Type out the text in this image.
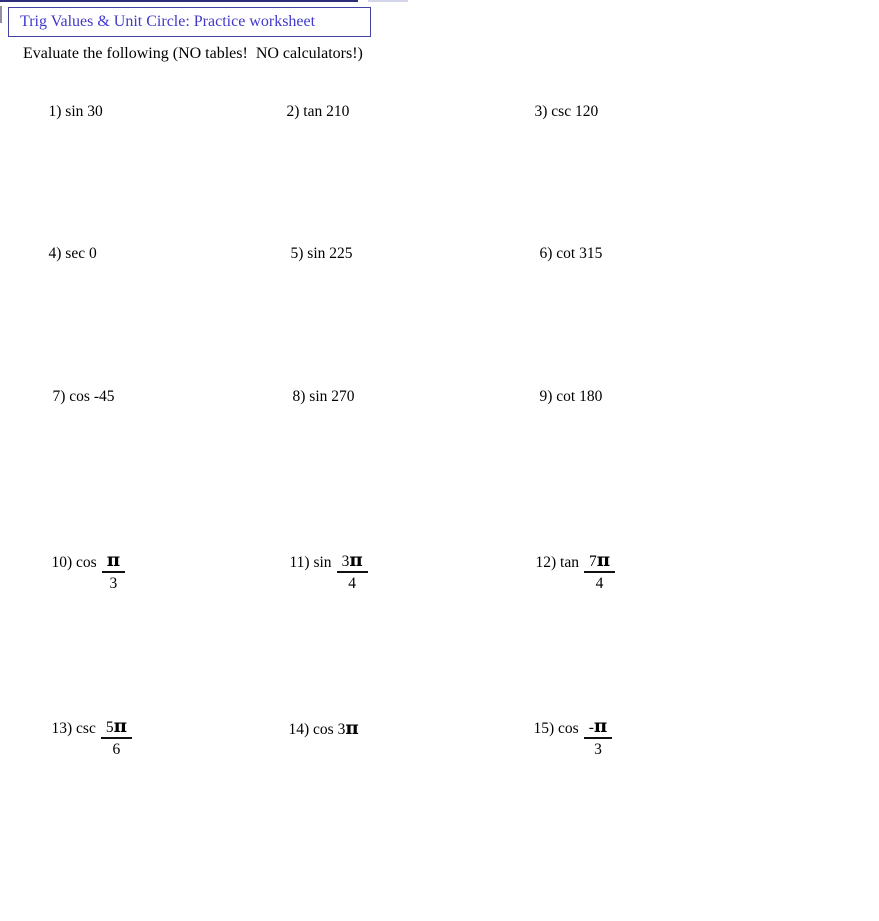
Trig Values & Unit Circle: Practice worksheet
Evaluate the following (NO tables!  NO calculators!)

1) sin 30
	2) tan 210
	3) csc 120

4) sec 0
	5) sin 225
	6) cot 315

7) cos -45
	8) sin 270
	9) cot 180

10) $\cos \frac{\pi}{3}$

	11) $\sin \frac{3\pi}{4}$

	12) $\tan \frac{7\pi}{4}$

13) $\csc \frac{5\pi}{6}$

	14) cos 3π
	15) $\cos \frac{-\pi}{3}$
